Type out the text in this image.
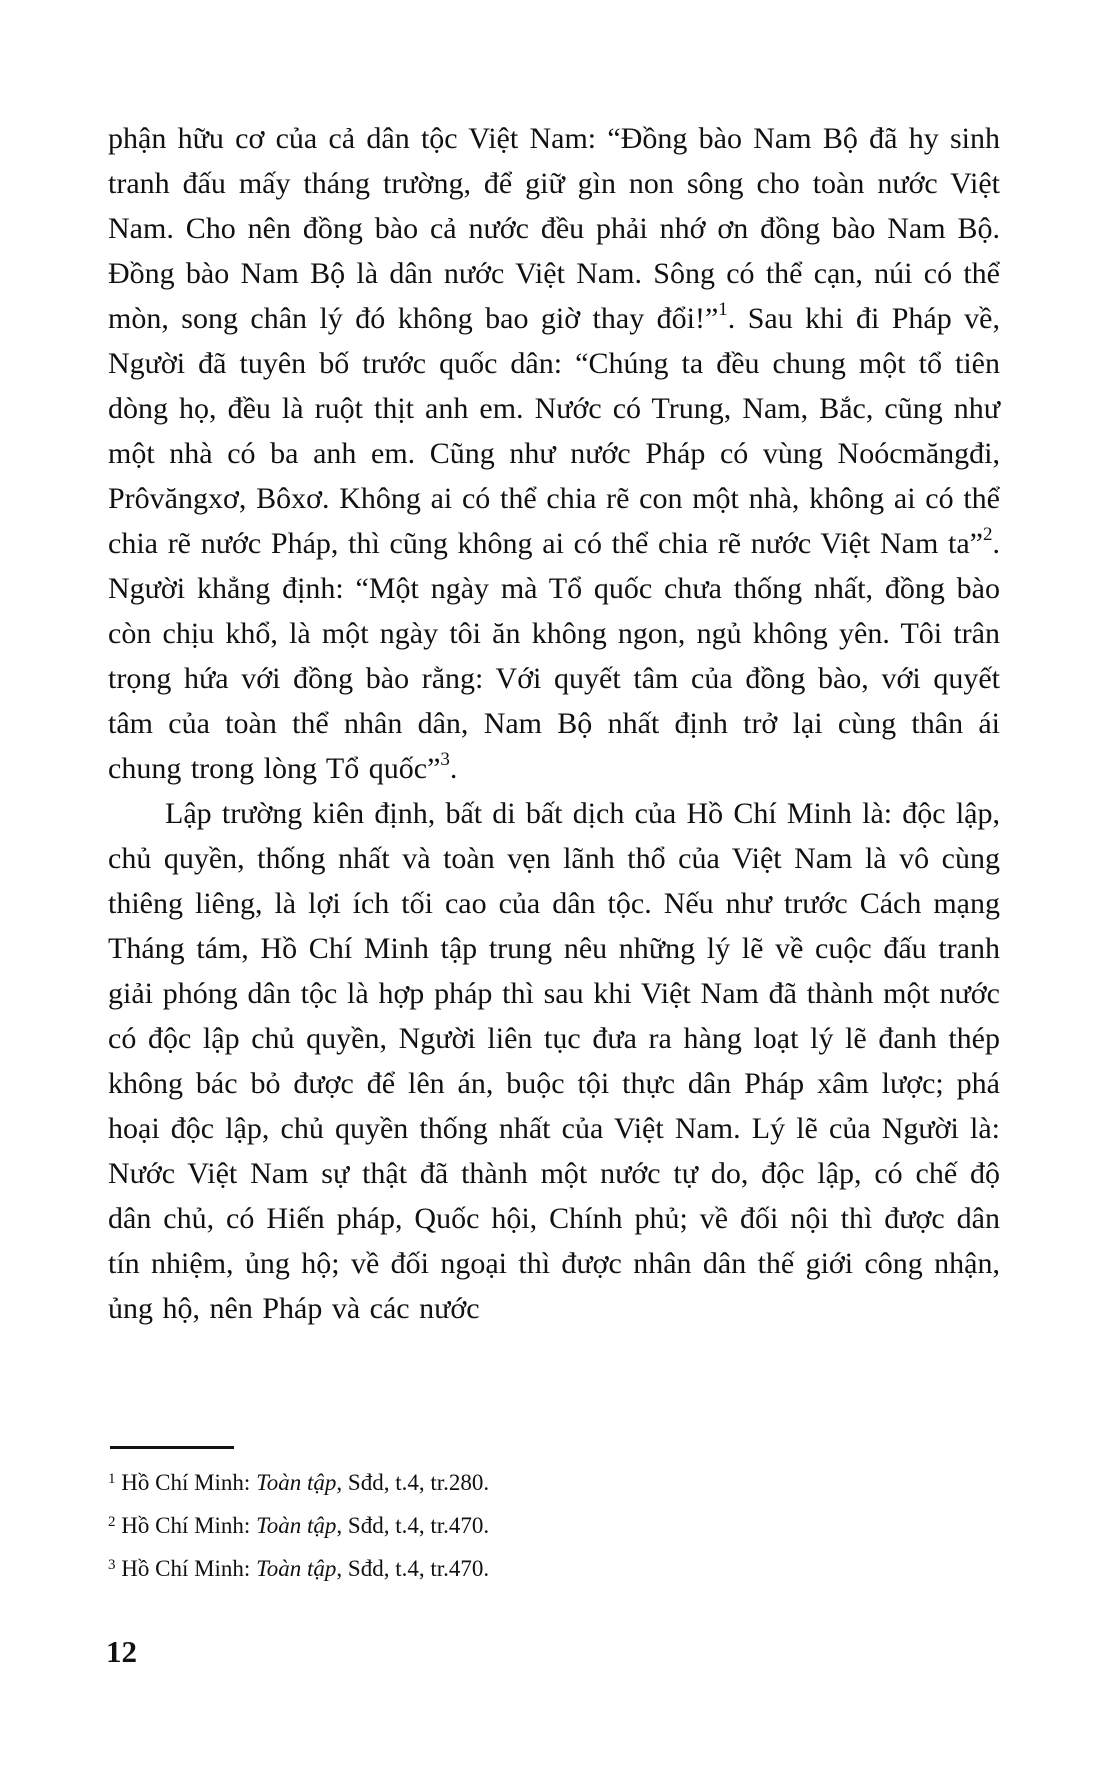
phận hữu cơ của cả dân tộc Việt Nam: “Đồng bào Nam Bộ đã hy sinh tranh đấu mấy tháng trường, để giữ gìn non sông cho toàn nước Việt Nam. Cho nên đồng bào cả nước đều phải nhớ ơn đồng bào Nam Bộ. Đồng bào Nam Bộ là dân nước Việt Nam. Sông có thể cạn, núi có thể mòn, song chân lý đó không bao giờ thay đổi!”$^1$. Sau khi đi Pháp về, Người đã tuyên bố trước quốc dân: “Chúng ta đều chung một tổ tiên dòng họ, đều là ruột thịt anh em. Nước có Trung, Nam, Bắc, cũng như một nhà có ba anh em. Cũng như nước Pháp có vùng Noócmăngđi, Prôvăngxơ, Bôxơ. Không ai có thể chia rẽ con một nhà, không ai có thể chia rẽ nước Pháp, thì cũng không ai có thể chia rẽ nước Việt Nam ta”$^2$. Người khẳng định: “Một ngày mà Tổ quốc chưa thống nhất, đồng bào còn chịu khổ, là một ngày tôi ăn không ngon, ngủ không yên. Tôi trân trọng hứa với đồng bào rằng: Với quyết tâm của đồng bào, với quyết tâm của toàn thể nhân dân, Nam Bộ nhất định trở lại cùng thân ái chung trong lòng Tổ quốc”$^3$.

Lập trường kiên định, bất di bất dịch của Hồ Chí Minh là: độc lập, chủ quyền, thống nhất và toàn vẹn lãnh thổ của Việt Nam là vô cùng thiêng liêng, là lợi ích tối cao của dân tộc. Nếu như trước Cách mạng Tháng tám, Hồ Chí Minh tập trung nêu những lý lẽ về cuộc đấu tranh giải phóng dân tộc là hợp pháp thì sau khi Việt Nam đã thành một nước có độc lập chủ quyền, Người liên tục đưa ra hàng loạt lý lẽ đanh thép không bác bỏ được để lên án, buộc tội thực dân Pháp xâm lược; phá hoại độc lập, chủ quyền thống nhất của Việt Nam. Lý lẽ của Người là: Nước Việt Nam sự thật đã thành một nước tự do, độc lập, có chế độ dân chủ, có Hiến pháp, Quốc hội, Chính phủ; về đối nội thì được dân tín nhiệm, ủng hộ; về đối ngoại thì được nhân dân thế giới công nhận, ủng hộ, nên Pháp và các nước

$^1$ Hồ Chí Minh: Toàn tập, Sđd, t.4, tr.280.

$^2$ Hồ Chí Minh: Toàn tập, Sđd, t.4, tr.470.

$^3$ Hồ Chí Minh: Toàn tập, Sđd, t.4, tr.470.

12
